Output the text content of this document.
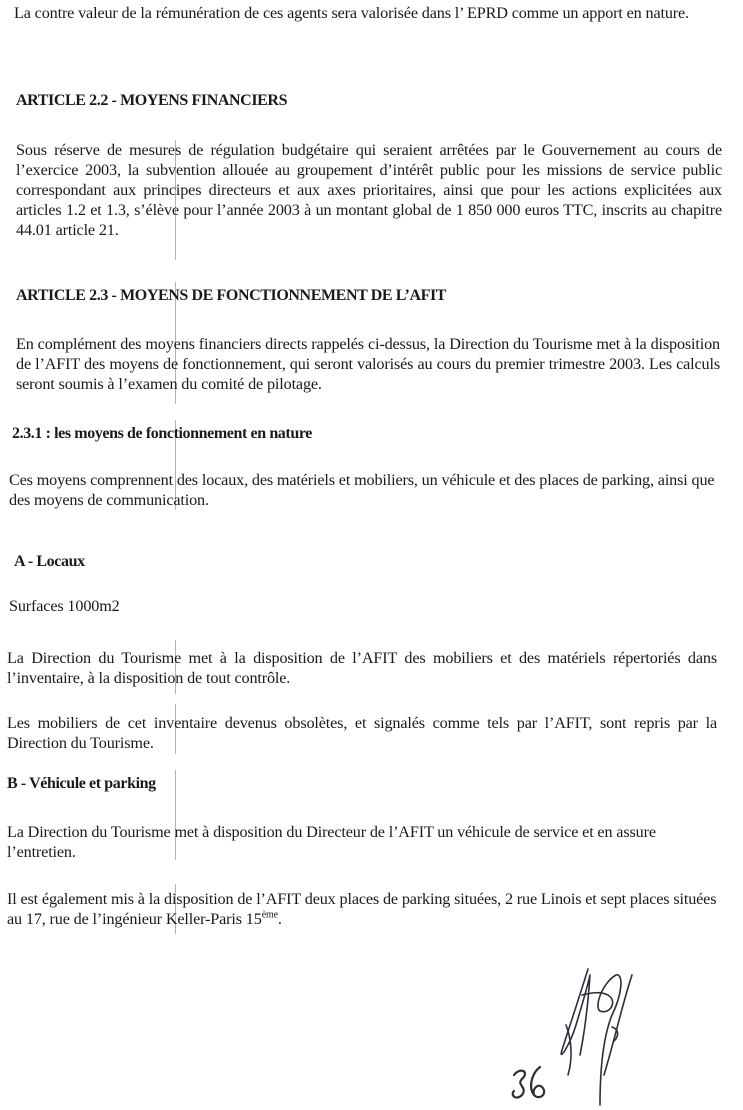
La contre valeur de la rémunération de ces agents sera valorisée dans l’ EPRD comme un apport en nature.

ARTICLE 2.2 - MOYENS FINANCIERS

Sous réserve de mesures de régulation budgétaire qui seraient arrêtées par le Gouvernement au cours de l’exercice 2003, la subvention allouée au groupement d’intérêt public pour les missions de service public correspondant aux principes directeurs et aux axes prioritaires, ainsi que pour les actions explicitées aux articles 1.2 et 1.3, s’élève pour l’année 2003 à un montant global de 1 850 000 euros TTC, inscrits au chapitre 44.01 article 21.

ARTICLE 2.3 - MOYENS DE FONCTIONNEMENT DE L’AFIT

En complément des moyens financiers directs rappelés ci-dessus, la Direction du Tourisme met à la disposition de l’AFIT des moyens de fonctionnement, qui seront valorisés au cours du premier trimestre 2003. Les calculs seront soumis à l’examen du comité de pilotage.

2.3.1 : les moyens de fonctionnement en nature

Ces moyens comprennent des locaux, des matériels et mobiliers, un véhicule et des places de parking, ainsi que des moyens de communication.

A - Locaux

Surfaces 1000m2

La Direction du Tourisme met à la disposition de l’AFIT des mobiliers et des matériels répertoriés dans l’inventaire, à la disposition de tout contrôle.

Les mobiliers de cet inventaire devenus obsolètes, et signalés comme tels par l’AFIT, sont repris par la Direction du Tourisme.

B - Véhicule et parking

La Direction du Tourisme met à disposition du Directeur de l’AFIT un véhicule de service et en assure l’entretien.

Il est également mis à la disposition de l’AFIT deux places de parking situées, 2 rue Linois et sept places situées au 17, rue de l’ingénieur Keller-Paris 15ème.
